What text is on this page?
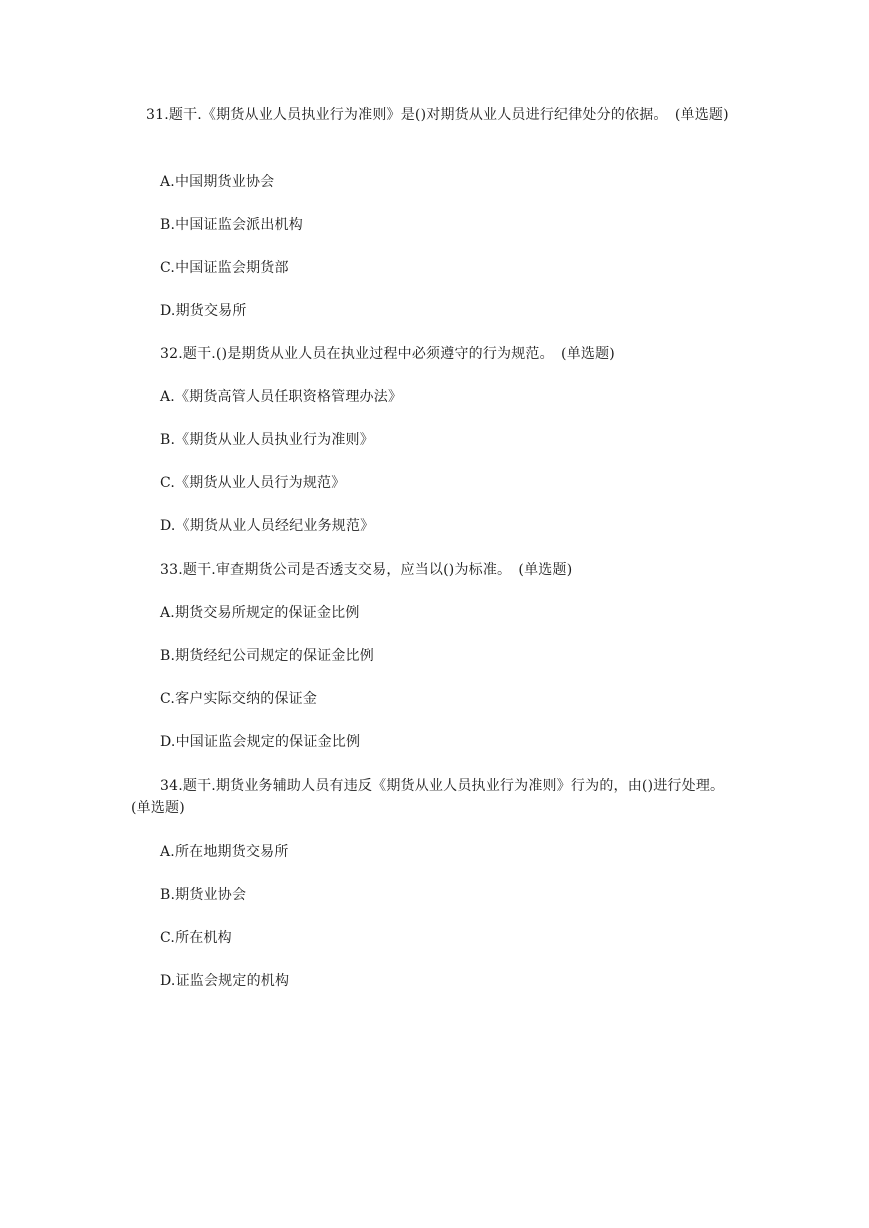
31.题干.《期货从业人员执业行为准则》是()对期货从业人员进行纪律处分的依据。　(单选题)
A.中国期货业协会
B.中国证监会派出机构
C.中国证监会期货部
D.期货交易所
32.题干.()是期货从业人员在执业过程中必须遵守的行为规范。　(单选题)
A.《期货高管人员任职资格管理办法》
B.《期货从业人员执业行为准则》
C.《期货从业人员行为规范》
D.《期货从业人员经纪业务规范》
33.题干.审查期货公司是否透支交易，应当以()为标准。　(单选题)
A.期货交易所规定的保证金比例
B.期货经纪公司规定的保证金比例
C.客户实际交纳的保证金
D.中国证监会规定的保证金比例
34.题干.期货业务辅助人员有违反《期货从业人员执业行为准则》行为的，由()进行处理。　(单选题)
A.所在地期货交易所
B.期货业协会
C.所在机构
D.证监会规定的机构
